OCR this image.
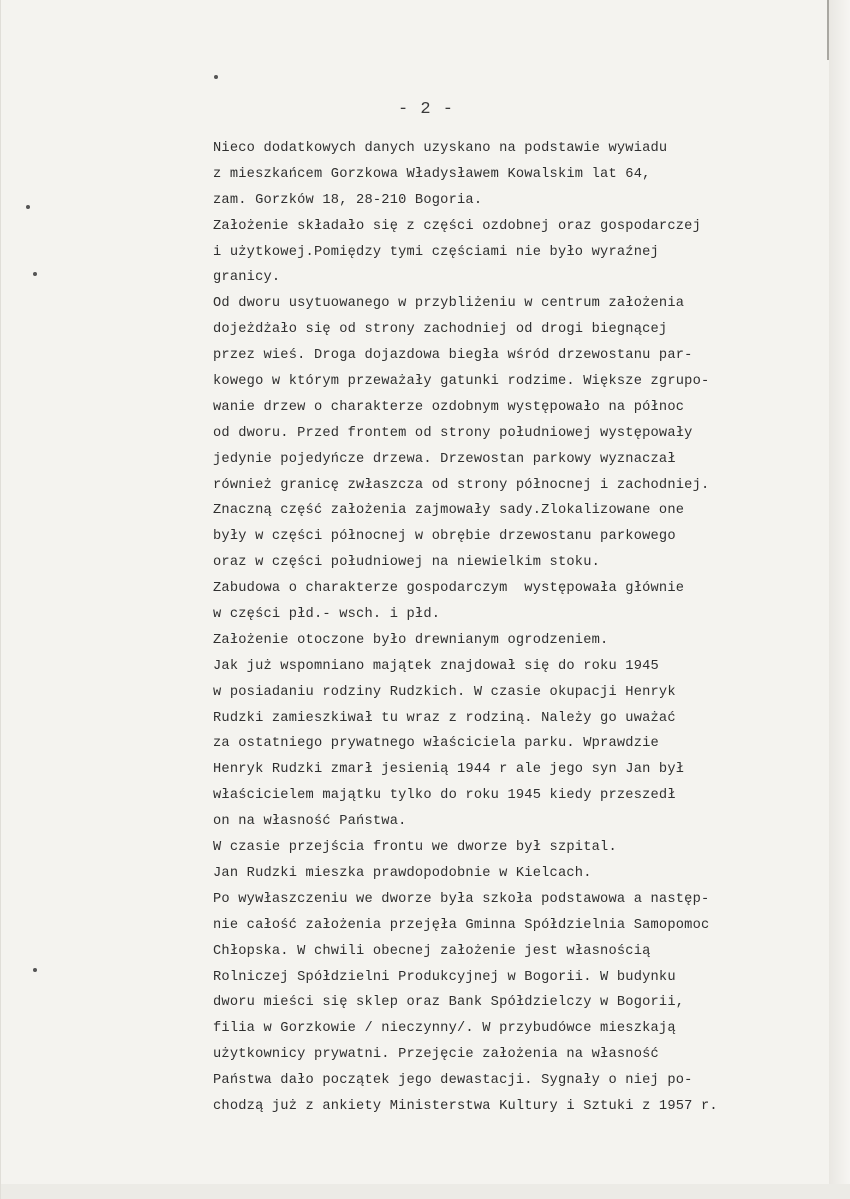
- 2 -
Nieco dodatkowych danych uzyskano na podstawie wywiadu
z mieszkańcem Gorzkowa Władysławem Kowalskim lat 64,
zam. Gorzków 18, 28-210 Bogoria.
Założenie składało się z części ozdobnej oraz gospodarczej
i użytkowej.Pomiędzy tymi częściami nie było wyraźnej
granicy.
Od dworu usytuowanego w przybliżeniu w centrum założenia
dojeżdżało się od strony zachodniej od drogi biegnącej
przez wieś. Droga dojazdowa biegła wśród drzewostanu par-
kowego w którym przeważały gatunki rodzime. Większe zgrupo-
wanie drzew o charakterze ozdobnym występowało na północ
od dworu. Przed frontem od strony południowej występowały
jedynie pojedyńcze drzewa. Drzewostan parkowy wyznaczał
również granicę zwłaszcza od strony północnej i zachodniej.
Znaczną część założenia zajmowały sady.Zlokalizowane one
były w części północnej w obrębie drzewostanu parkowego
oraz w części południowej na niewielkim stoku.
Zabudowa o charakterze gospodarczym  występowała głównie
w części płd.- wsch. i płd.
Założenie otoczone było drewnianym ogrodzeniem.
Jak już wspomniano majątek znajdował się do roku 1945
w posiadaniu rodziny Rudzkich. W czasie okupacji Henryk
Rudzki zamieszkiwał tu wraz z rodziną. Należy go uważać
za ostatniego prywatnego właściciela parku. Wprawdzie
Henryk Rudzki zmarł jesienią 1944 r ale jego syn Jan był
właścicielem majątku tylko do roku 1945 kiedy przeszedł
on na własność Państwa.
W czasie przejścia frontu we dworze był szpital.
Jan Rudzki mieszka prawdopodobnie w Kielcach.
Po wywłaszczeniu we dworze była szkoła podstawowa a następ-
nie całość założenia przejęła Gminna Spółdzielnia Samopomoc
Chłopska. W chwili obecnej założenie jest własnością
Rolniczej Spółdzielni Produkcyjnej w Bogorii. W budynku
dworu mieści się sklep oraz Bank Spółdzielczy w Bogorii,
filia w Gorzkowie / nieczynny/. W przybudówce mieszkają
użytkownicy prywatni. Przejęcie założenia na własność
Państwa dało początek jego dewastacji. Sygnały o niej po-
chodzą już z ankiety Ministerstwa Kultury i Sztuki z 1957 r.
